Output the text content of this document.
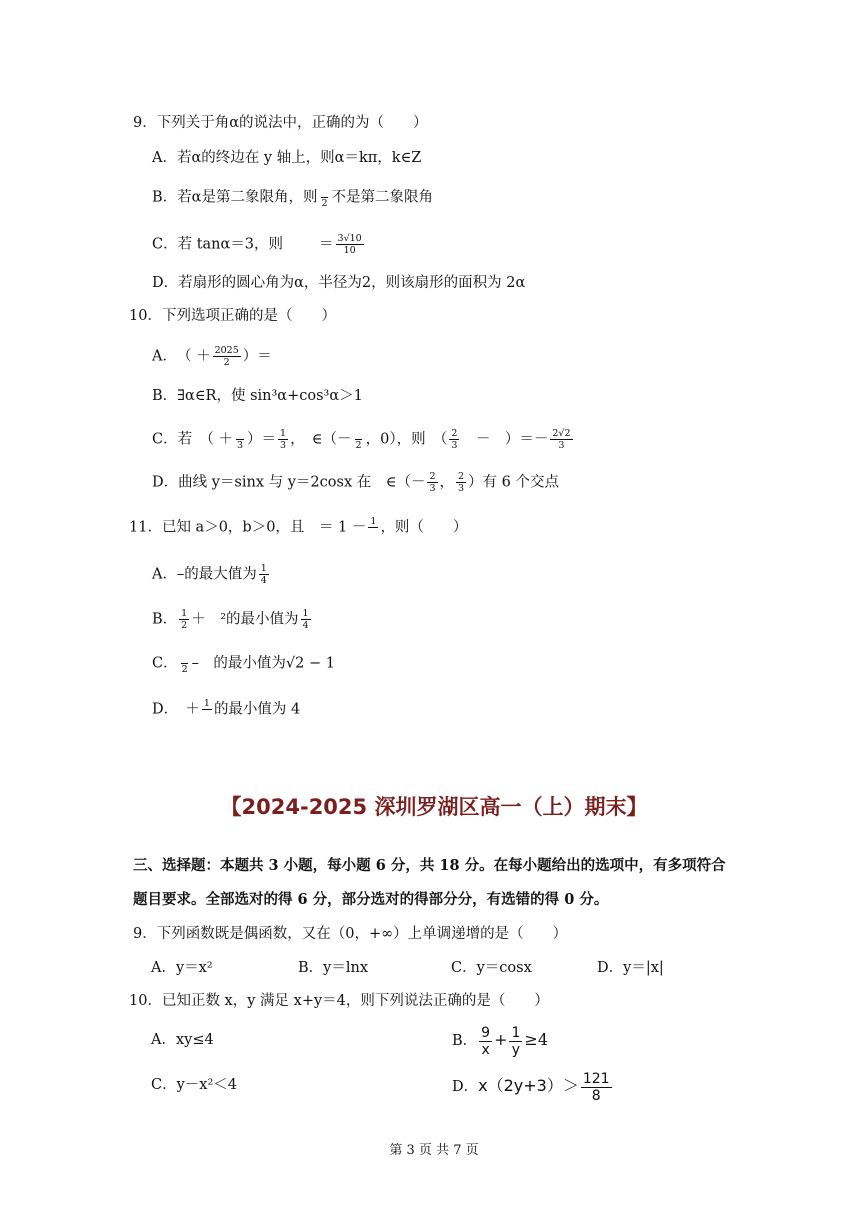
9．下列关于角α的说法中，正确的为（　　）
A．若α的终边在 y 轴上，则α＝kπ，k∈Z
B．若α是第二象限角，则
2 不是第二象限角
C．若 tanα＝3，则 ＝ $\frac{3√10}{10}$
D．若扇形的圆心角为α，半径为2，则该扇形的面积为 2α
10．下列选项正确的是（　　）
A．　（ ＋ $\frac{2025}{2}$ ）＝
B．∃α∈R，使 sin³α+cos³α＞1
C．若　（ ＋
3 ）＝ $\frac{1}{3}$ ，　∈（－
2 ，0），则　（ $\frac{2}{3}$ 　－　）＝－ $\frac{2√2}{3}$
D．曲线 y＝sinx 与 y＝2cosx 在　∈（－ $\frac{2}{3}$ ， $\frac{2}{3}$ ）有 6 个交点
11．已知 a＞0，b＞0，且　＝ 1 － 1
，则（　　）
A．–的最大值为 $\frac{1}{4}$
B． $\frac{1}{2}$ ＋　²的最小值为 $\frac{1}{4}$
C．
2 –　的最小值为√2 − 1
D．　＋ 1
的最小值为 4
【2024-2025 深圳罗湖区高一（上）期末】
三、选择题：本题共 3 小题，每小题 6 分，共 18 分。在每小题给出的选项中，有多项符合
题目要求。全部选对的得 6 分，部分选对的得部分分，有选错的得 0 分。
9．下列函数既是偶函数，又在（0，+∞）上单调递增的是（　　）
A．y＝x²	B．y＝lnx	C．y＝cosx	D．y＝|x|
10．已知正数 x，y 满足 x+y＝4，则下列说法正确的是（　　）
A．xy≤4	B． $\frac{9}{x} + \frac{1}{y} \ge 4$
C．y－x²＜4	D．$x(2y+3)> \frac{121}{8}$
第 3 页 共 7 页
